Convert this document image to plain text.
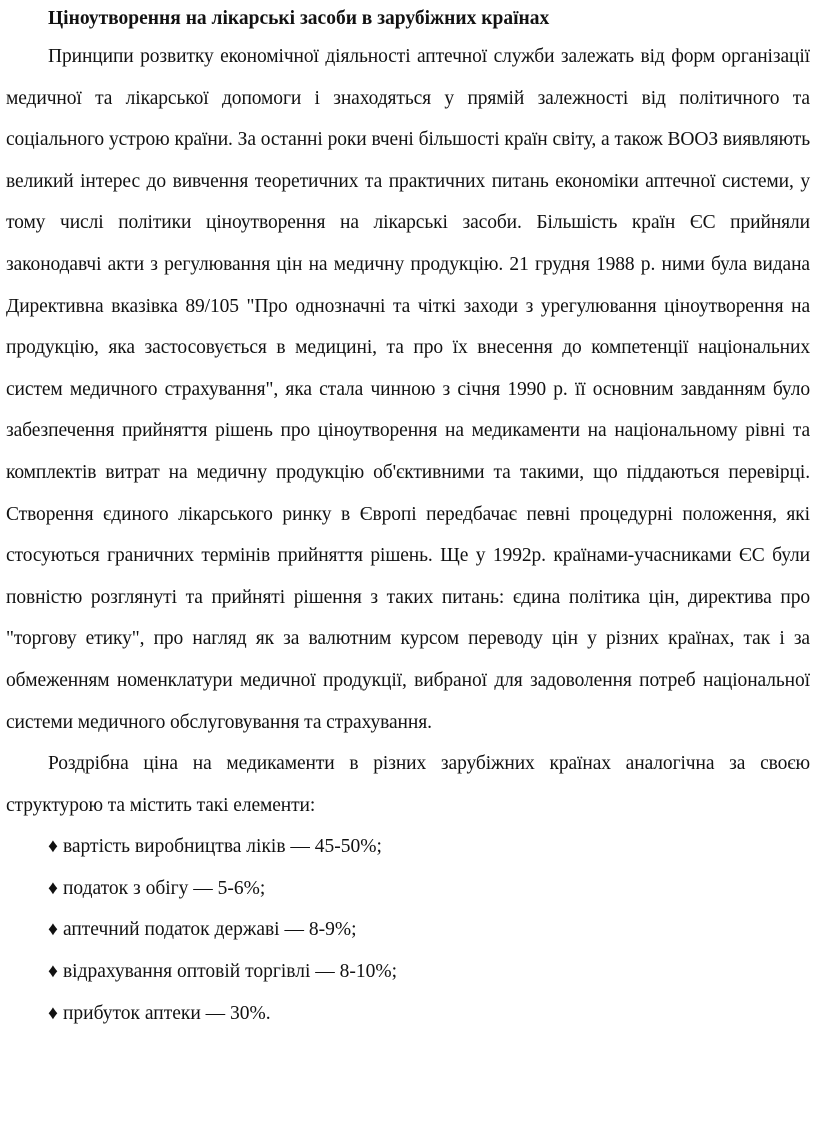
Ціноутворення на лікарські засоби в зарубіжних країнах

Принципи розвитку економічної діяльності аптечної служби залежать від форм організації медичної та лікарської допомоги і знаходяться у прямій залежності від політичного та соціального устрою країни. За останні роки вчені більшості країн світу, а також ВООЗ виявляють великий інтерес до вивчення теоретичних та практичних питань економіки аптечної системи, у тому числі політики ціноутворення на лікарські засоби. Більшість країн ЄС прийняли законодавчі акти з регулювання цін на медичну продукцію. 21 грудня 1988 р. ними була видана Директивна вказівка 89/105 "Про однозначні та чіткі заходи з урегулювання ціноутворення на продукцію, яка застосовується в медицині, та про їх внесення до компетенції національних систем медичного страхування", яка стала чинною з січня 1990 р. її основним завданням було забезпечення прийняття рішень про ціноутворення на медикаменти на національному рівні та комплектів витрат на медичну продукцію об'єктивними та такими, що піддаються перевірці. Створення єдиного лікарського ринку в Європі передбачає певні процедурні положення, які стосуються граничних термінів прийняття рішень. Ще у 1992р. країнами-учасниками ЄС були повністю розглянуті та прийняті рішення з таких питань: єдина політика цін, директива про "торгову етику", про нагляд як за валютним курсом переводу цін у різних країнах, так і за обмеженням номенклатури медичної продукції, вибраної для задоволення потреб національної системи медичного обслуговування та страхування.

Роздрібна ціна на медикаменти в різних зарубіжних країнах аналогічна за своєю структурою та містить такі елементи:

♦ вартість виробництва ліків — 45-50%;
♦ податок з обігу — 5-6%;
♦ аптечний податок державі — 8-9%;
♦ відрахування оптовій торгівлі — 8-10%;
♦ прибуток аптеки — 30%.
